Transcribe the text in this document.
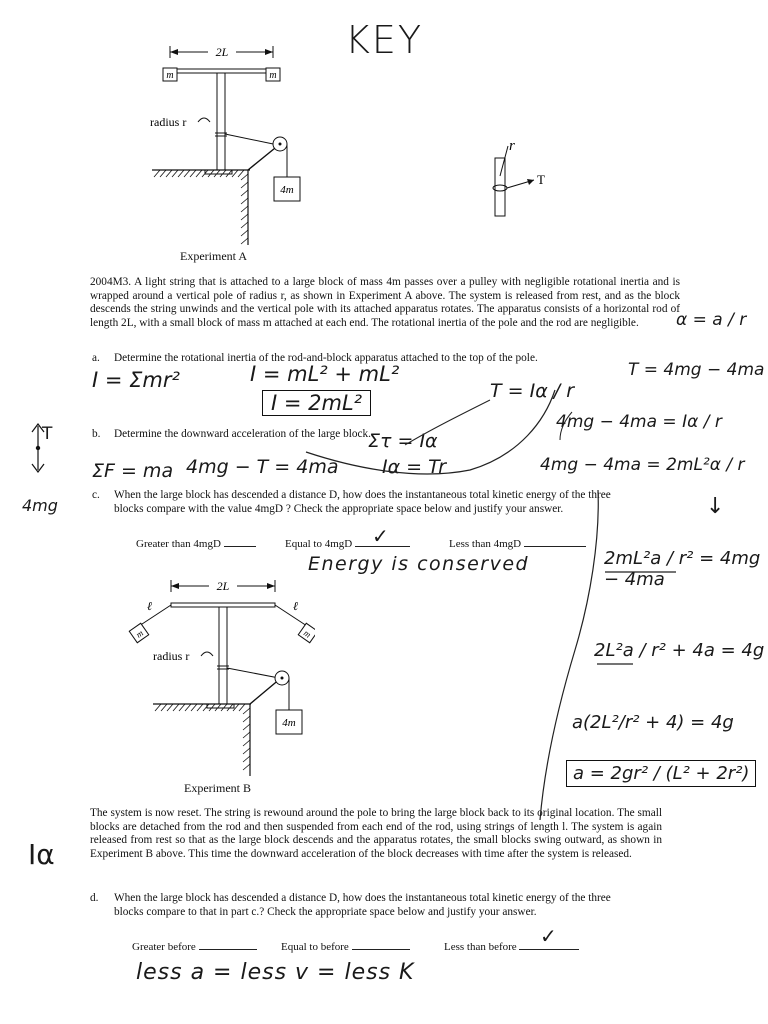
KEY
2L
m	m
radius r
4m
Experiment A
r
T
2004M3. A light string that is attached to a large block of mass 4m passes over a pulley with negligible rotational inertia and is wrapped around a vertical pole of radius r, as shown in Experiment A above. The system is released from rest, and as the block descends the string unwinds and the vertical pole with its attached apparatus rotates. The apparatus consists of a horizontal rod of length 2L, with a small block of mass m attached at each end. The rotational inertia of the pole and the rod are negligible.	α = a / r
a. Determine the rotational inertia of the rod-and-block apparatus attached to the top of the pole.
I = Σmr²	I = mL² + mL²
I = 2mL²	T = Iα / r
T = 4mg − 4ma
b. Determine the downward acceleration of the large block.
Στ = Iα
Iα = Tr
4mg − 4ma = Iα / r
ΣF = ma 4mg − T = 4ma	4mg − 4ma = 2mL²α / r
↓
T
4mg
c. When the large block has descended a distance D, how does the instantaneous total kinetic energy of the three blocks compare with the value 4mgD ? Check the appropriate space below and justify your answer.
Greater than 4mgD	Equal to 4mgD ✓	Less than 4mgD
Energy is conserved	2mL²a / r² = 4mg − 4ma
2L²a / r² + 4a = 4g
a(2L²/r² + 4) = 4g
a = 2gr² / (L² + 2r²)
2L
ℓ	ℓ
m	m
radius r
4m
Experiment B
The system is now reset. The string is rewound around the pole to bring the large block back to its original location. The small blocks are detached from the rod and then suspended from each end of the rod, using strings of length l. The system is again released from rest so that as the large block descends and the apparatus rotates, the small blocks swing outward, as shown in Experiment B above. This time the downward acceleration of the block decreases with time after the system is released.
Iα
d. When the large block has descended a distance D, how does the instantaneous total kinetic energy of the three blocks compare to that in part c.? Check the appropriate space below and justify your answer.
Greater before	Equal to before	Less than before	✓
less a = less v = less K
